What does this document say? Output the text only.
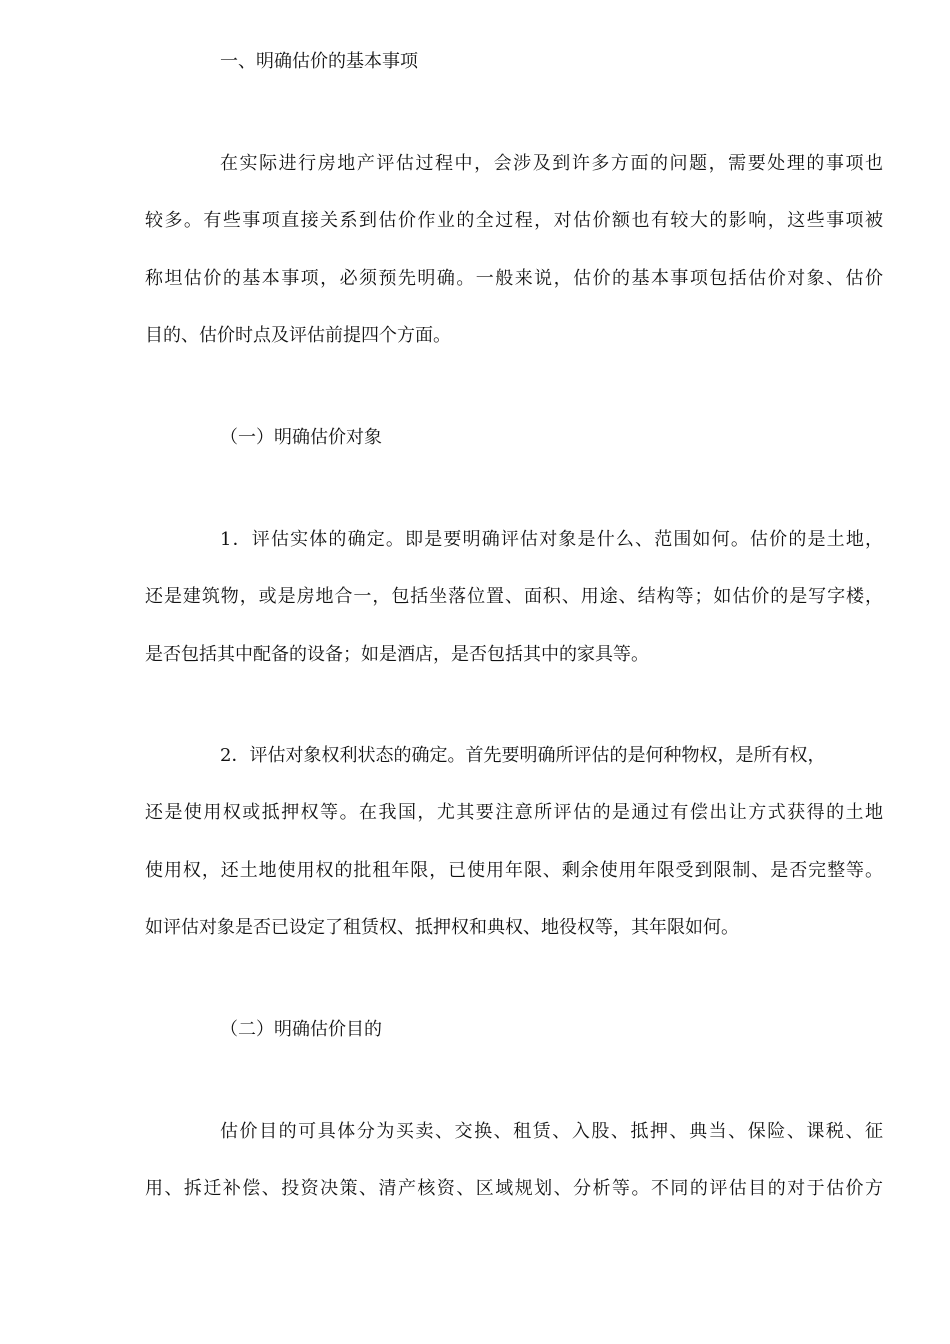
一、明确估价的基本事项
在实际进行房地产评估过程中，会涉及到许多方面的问题，需要处理的事项也
较多。有些事项直接关系到估价作业的全过程，对估价额也有较大的影响，这些事项被
称坦估价的基本事项，必须预先明确。一般来说，估价的基本事项包括估价对象、估价
目的、估价时点及评估前提四个方面。
（一）明确估价对象
1．评估实体的确定。即是要明确评估对象是什么、范围如何。估价的是土地，
还是建筑物，或是房地合一，包括坐落位置、面积、用途、结构等；如估价的是写字楼，
是否包括其中配备的设备；如是酒店，是否包括其中的家具等。
2．评估对象权利状态的确定。首先要明确所评估的是何种物权，是所有权，
还是使用权或抵押权等。在我国，尤其要注意所评估的是通过有偿出让方式获得的土地
使用权，还土地使用权的批租年限，已使用年限、剩余使用年限受到限制、是否完整等。
如评估对象是否已设定了租赁权、抵押权和典权、地役权等，其年限如何。
（二）明确估价目的
估价目的可具体分为买卖、交换、租赁、入股、抵押、典当、保险、课税、征
用、拆迁补偿、投资决策、清产核资、区域规划、分析等。不同的评估目的对于估价方
